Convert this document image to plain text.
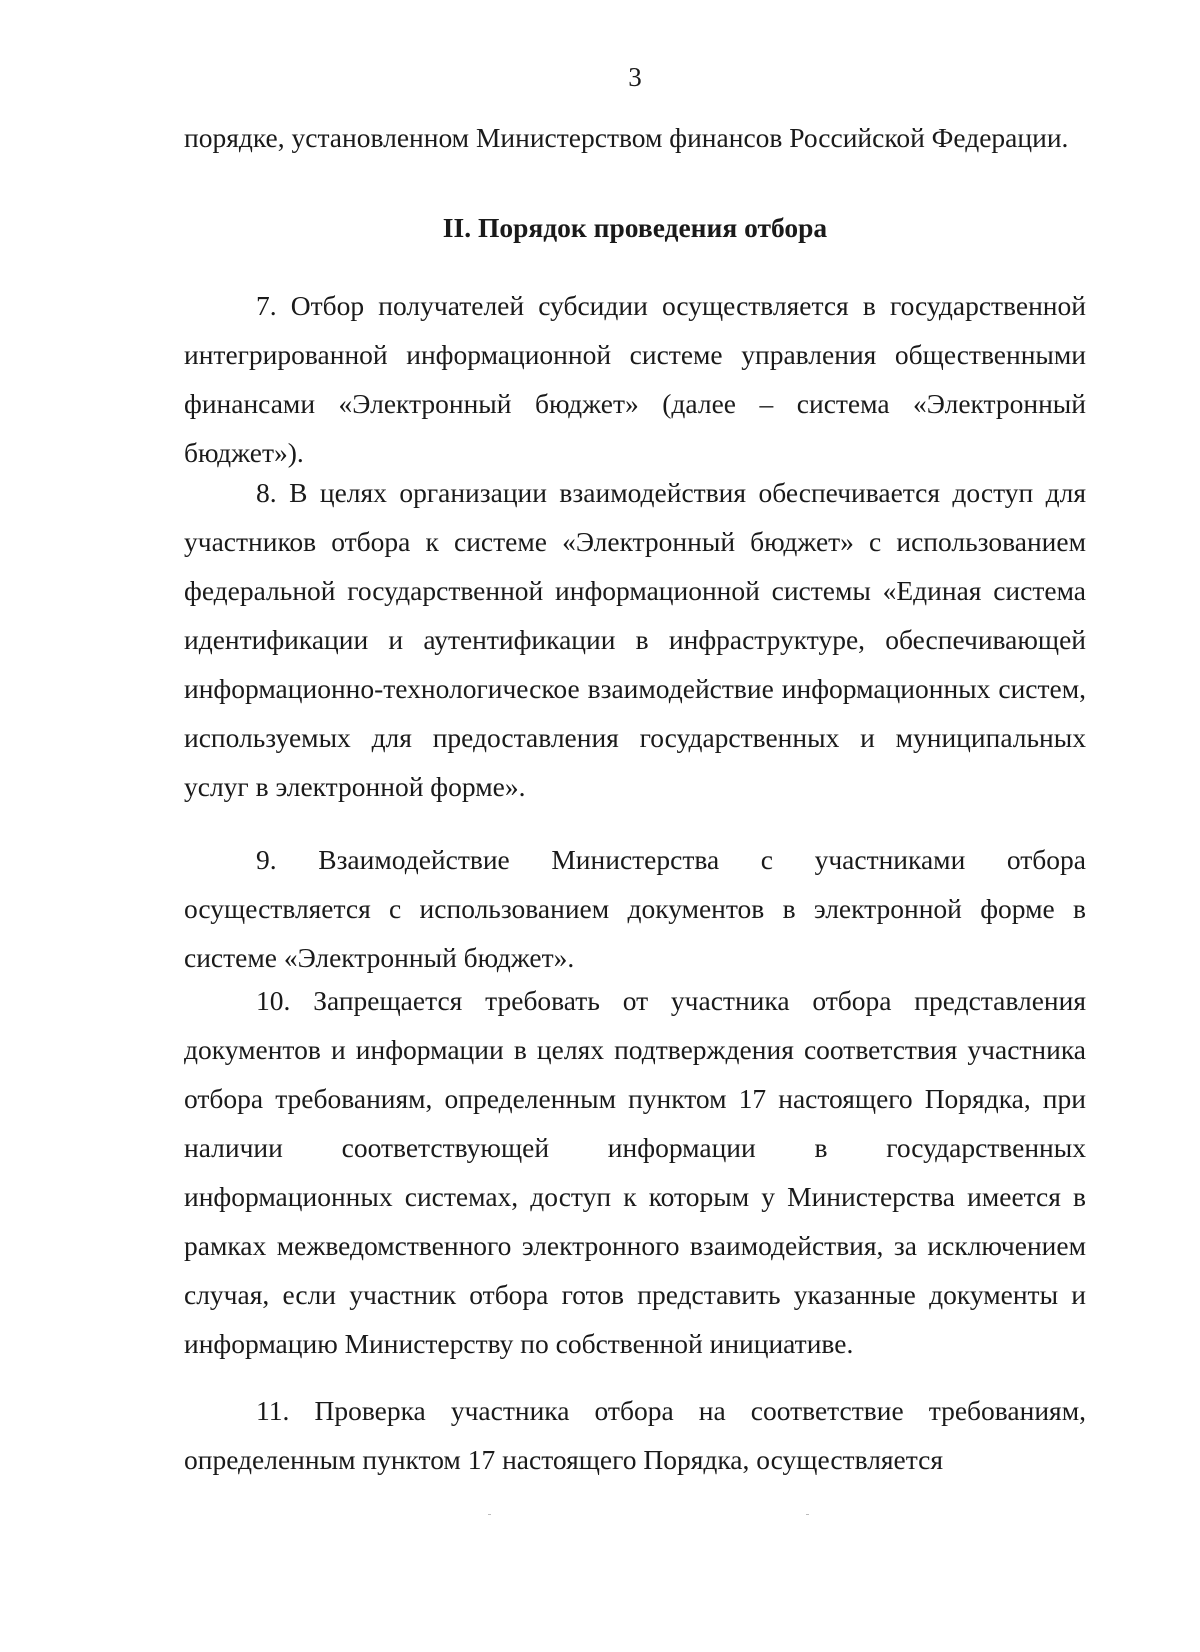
3

порядке, установленном Министерством финансов Российской Федерации.

II. Порядок проведения отбора

7. Отбор получателей субсидии осуществляется в государственной интегрированной информационной системе управления общественными финансами «Электронный бюджет» (далее – система «Электронный бюджет»).

8. В целях организации взаимодействия обеспечивается доступ для участников отбора к системе «Электронный бюджет» с использованием федеральной государственной информационной системы «Единая система идентификации и аутентификации в инфраструктуре, обеспечивающей информационно-технологическое взаимодействие информационных систем, используемых для предоставления государственных и муниципальных услуг в электронной форме».

9. Взаимодействие Министерства с участниками отбора осуществляется с использованием документов в электронной форме в системе «Электронный бюджет».

10. Запрещается требовать от участника отбора представления документов и информации в целях подтверждения соответствия участника отбора требованиям, определенным пунктом 17 настоящего Порядка, при наличии соответствующей информации в государственных информационных системах, доступ к которым у Министерства имеется в рамках межведомственного электронного взаимодействия, за исключением случая, если участник отбора готов представить указанные документы и информацию Министерству по собственной инициативе.

11. Проверка участника отбора на соответствие требованиям, определенным пунктом 17 настоящего Порядка, осуществляется
